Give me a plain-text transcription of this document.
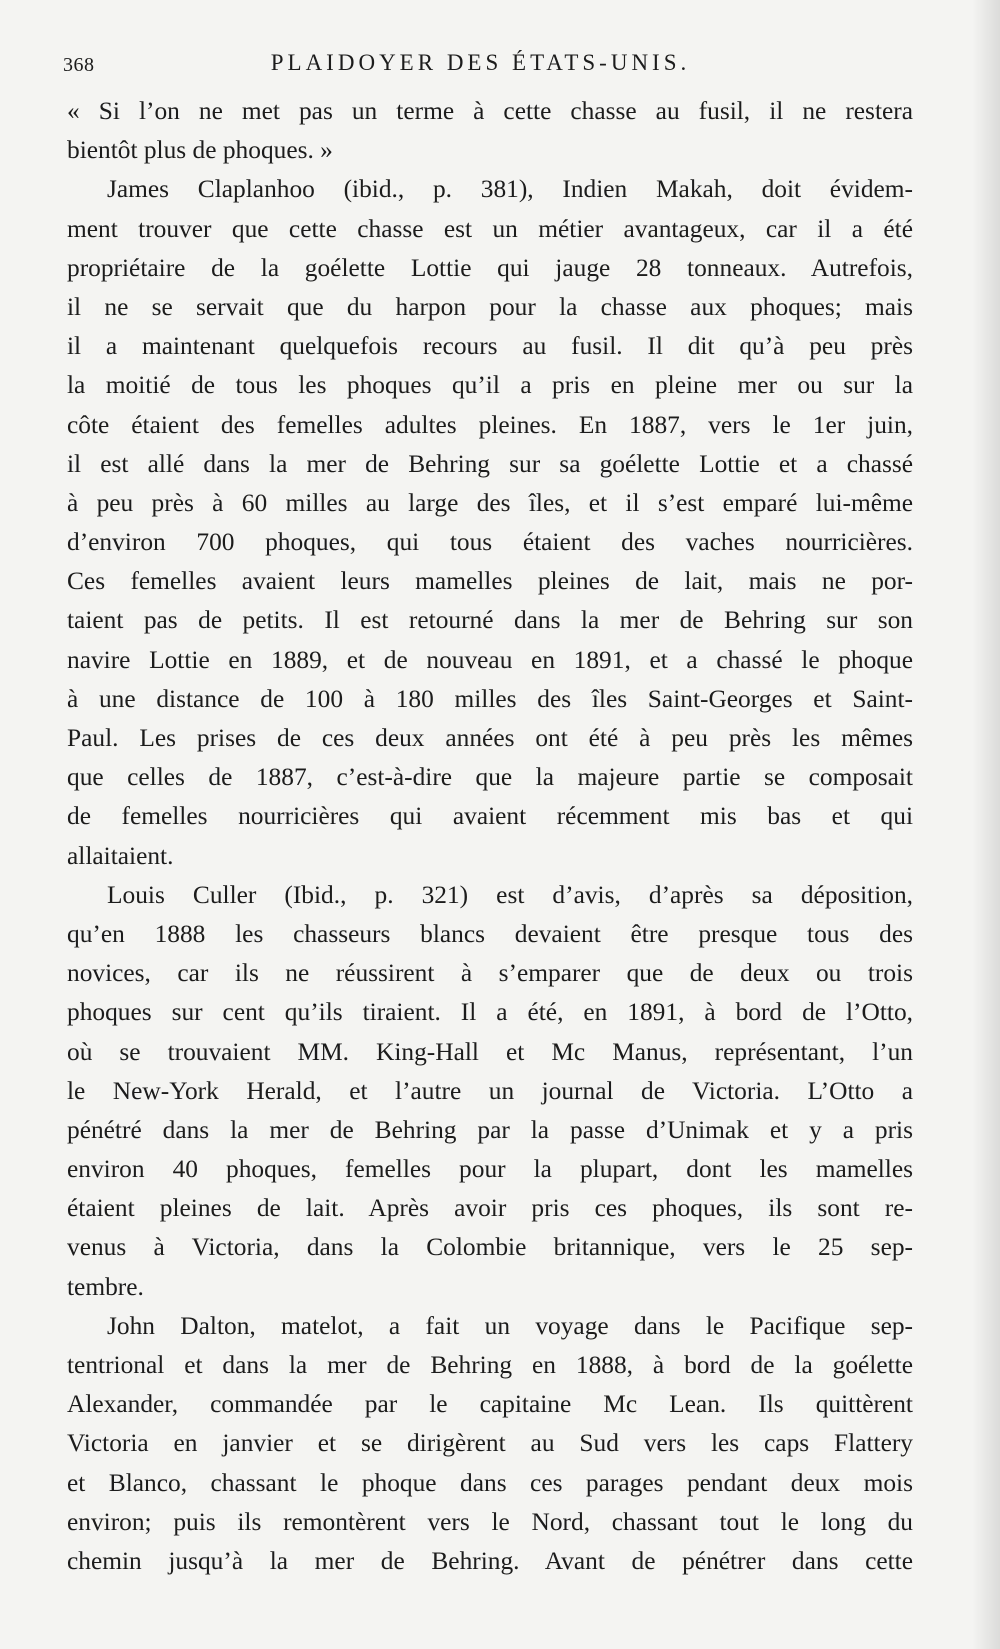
368	PLAIDOYER DES ÉTATS-UNIS.
« Si l’on ne met pas un terme à cette chasse au fusil, il ne restera
bientôt plus de phoques. »
James Claplanhoo (ibid., p. 381), Indien Makah, doit évidem-
ment trouver que cette chasse est un métier avantageux, car il a été
propriétaire de la goélette Lottie qui jauge 28 tonneaux. Autrefois,
il ne se servait que du harpon pour la chasse aux phoques; mais
il a maintenant quelquefois recours au fusil. Il dit qu’à peu près
la moitié de tous les phoques qu’il a pris en pleine mer ou sur la
côte étaient des femelles adultes pleines. En 1887, vers le 1er juin,
il est allé dans la mer de Behring sur sa goélette Lottie et a chassé
à peu près à 60 milles au large des îles, et il s’est emparé lui-même
d’environ 700 phoques, qui tous étaient des vaches nourricières.
Ces femelles avaient leurs mamelles pleines de lait, mais ne por-
taient pas de petits. Il est retourné dans la mer de Behring sur son
navire Lottie en 1889, et de nouveau en 1891, et a chassé le phoque
à une distance de 100 à 180 milles des îles Saint-Georges et Saint-
Paul. Les prises de ces deux années ont été à peu près les mêmes
que celles de 1887, c’est-à-dire que la majeure partie se composait
de femelles nourricières qui avaient récemment mis bas et qui
allaitaient.
Louis Culler (Ibid., p. 321) est d’avis, d’après sa déposition,
qu’en 1888 les chasseurs blancs devaient être presque tous des
novices, car ils ne réussirent à s’emparer que de deux ou trois
phoques sur cent qu’ils tiraient. Il a été, en 1891, à bord de l’Otto,
où se trouvaient MM. King-Hall et Mc Manus, représentant, l’un
le New-York Herald, et l’autre un journal de Victoria. L’Otto a
pénétré dans la mer de Behring par la passe d’Unimak et y a pris
environ 40 phoques, femelles pour la plupart, dont les mamelles
étaient pleines de lait. Après avoir pris ces phoques, ils sont re-
venus à Victoria, dans la Colombie britannique, vers le 25 sep-
tembre.
John Dalton, matelot, a fait un voyage dans le Pacifique sep-
tentrional et dans la mer de Behring en 1888, à bord de la goélette
Alexander, commandée par le capitaine Mc Lean. Ils quittèrent
Victoria en janvier et se dirigèrent au Sud vers les caps Flattery
et Blanco, chassant le phoque dans ces parages pendant deux mois
environ; puis ils remontèrent vers le Nord, chassant tout le long du
chemin jusqu’à la mer de Behring. Avant de pénétrer dans cette
